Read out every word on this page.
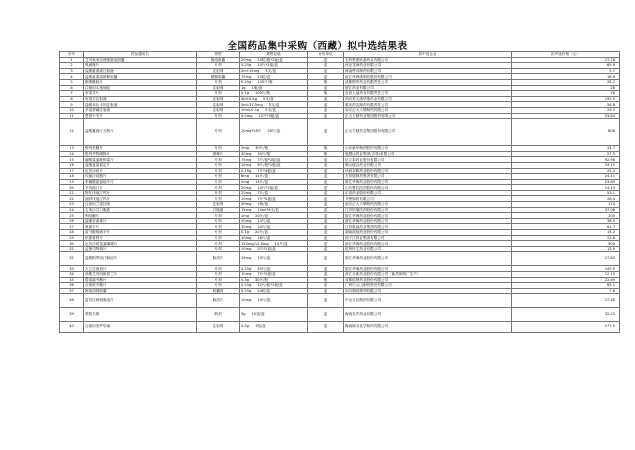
全国药品集中采购（西藏）拟中选结果表
序号	药品通用名	剂型	规格包装	计价单位	拟中选企业	拟中选价格（元）
1	艾司奥美拉唑镁肠溶胶囊	肠溶胶囊	20mg 14粒/板*2板/盒	盒	石药集团欧意药业有限公司	27.78
2	奥硝唑片	片剂	0.25g 10片*2板/盒	盒	河北龙海药业有限公司	69.9
3	盐酸氨溴索注射液	注射剂	2ml:15mg 5支/盒	盒	海南赞邦制药有限公司	5.7
4	盐酸氨溴索缓释胶囊	缓释胶囊	75mg 10粒/盒	盒	浙江昂利康制药股份有限公司	18.9
5	吡嗪酰胺片	片剂	0.25g 100片/瓶	瓶	成都锦华药业有限责任公司	28.2
6	注射用头孢他啶	注射剂	1g 1瓶/盒	盒	浙江药业有限公司	28
7	布洛芬片	片剂	0.1g 100片/瓶	瓶	宜昌人福药业有限责任公司	28
8	布洛芬注射液	注射剂	4ml:0.4g 5支/盒	盒	四川美大康华康药业有限公司	192.9
9	盐酸布比卡因注射液	注射剂	5ml:37.5mg 5支/盒	盒	重庆药友制药有限责任公司	58.8
10	多索茶碱注射液	注射剂	10ml:0.1g 5支/盒	盒	南京正大天晴制药有限公司	25.2
11	恩替卡韦片	片剂	0.5mg 10片*3板/盒	盒	正大天晴药业集团股份有限公司	53.64
12	盐酸氟西汀分散片	片剂	20mg*28片 28片/盒	盒	正大天晴药业集团股份有限公司	808
13	格列美脲片	片剂	2mg 30片/瓶	瓶	山东新华制药股份有限公司	24.7
14	格列齐特缓释片	缓释片	30mg 30片/瓶	瓶	施慧达药业集团(吉林)有限公司	27.5
15	硫酸氢氯吡格雷片	片剂	75mg 7片/板*2板/盒	盒	信立泰药业股份有限公司	92.98
16	盐酸氯雷他定片	片剂	10mg 6片/板*1板/盒	盒	佛山德众药业有限公司	24.11
17	厄贝沙坦片	片剂	0.15g 7片*4板/盒	盒	华润双鹤药业股份有限公司	25.2
18	坎地沙坦酯片	片剂	8mg 14片/盒	盒	万邦德制药集团有限公司	24.11
19	苯磺酸氨氯地平片	片剂	5mg 14片/盒	盒	浙江华海药业股份有限公司	23.69
20	辛伐他汀片	片剂	20mg 10片*2板/盒	盒	山东鲁抗医药股份有限公司	14.13
21	阿托伐他汀钙片	片剂	20mg 7片/盒	盒	乐普药业股份有限公司	53.1
22	瑞舒伐他汀钙片	片剂	10mg 7片*4板/盒	盒	齐鲁制药有限公司	28.4
23	注射用兰索拉唑	注射剂	30mg 1瓶/盒	盒	南京正大天晴制药有限公司	110
24	右美沙芬口服液	口服液	15mg 10ml*6支/盒	盒	江苏恒瑞医药股份有限公司	37.98
25	利培酮片	片剂	1mg 20片/盒	盒	浙江华海药业股份有限公司	200
26	盐酸舍曲林片	片剂	50mg 14片/盒	盒	浙江华海药业股份有限公司	38.5
27	奥氮平片	片剂	10mg 14片/盒	盒	江苏豪森药业集团有限公司	61.7
28	富马酸喹硫平片	片剂	0.1g 20片/盒	盒	湖南洞庭药业股份有限公司	15.2
29	依那普利片	片剂	10mg 16片/盒	盒	扬子江药业集团有限公司	22.8
30	厄贝沙坦氢氯噻嗪片	片剂	150mg/12.5mg 14片/盒	盒	浙江华海药业股份有限公司	900
31	孟鲁司特钠片	片剂	10mg 5片*2板/盒	盒	杭州民生药业有限公司	13.9
32	盐酸帕罗西汀肠溶片	肠溶片	25mg 14片/盒	盒	浙江华海药业股份有限公司	27.82
33	左乙拉西坦片	片剂	0.25g 30片/盒	盒	浙江华海药业股份有限公司	245.9
34	草酸艾司西酞普兰片	片剂	10mg 7片*2板/盒	盒	浙江京新药业股份有限公司（新昌制药厂生产）	12.13
35	替诺福韦酯片	片剂	0.3g 30片/瓶	瓶	成都倍特药业股份有限公司	22.69
36	头孢呋辛酯片	片剂	0.25g 12片/板*2板/盒	盒	广州白云山制药股份有限公司	65.2
37	阿莫西林胶囊	胶囊剂	0.25g 24粒/盒	盒	四川制药制剂有限公司	7.6
38	雷贝拉唑钠肠溶片	肠溶片	10mg 14片/盒	盒	中山万汉制药有限公司	27.48
39	蒙脱石散	散剂	3g 10袋/盒	盒	海南先声药业有限公司	32.25
40	注射用美罗培南	注射剂	0.5g 1瓶/盒	盒	海南海灵化学制药有限公司	277.5
